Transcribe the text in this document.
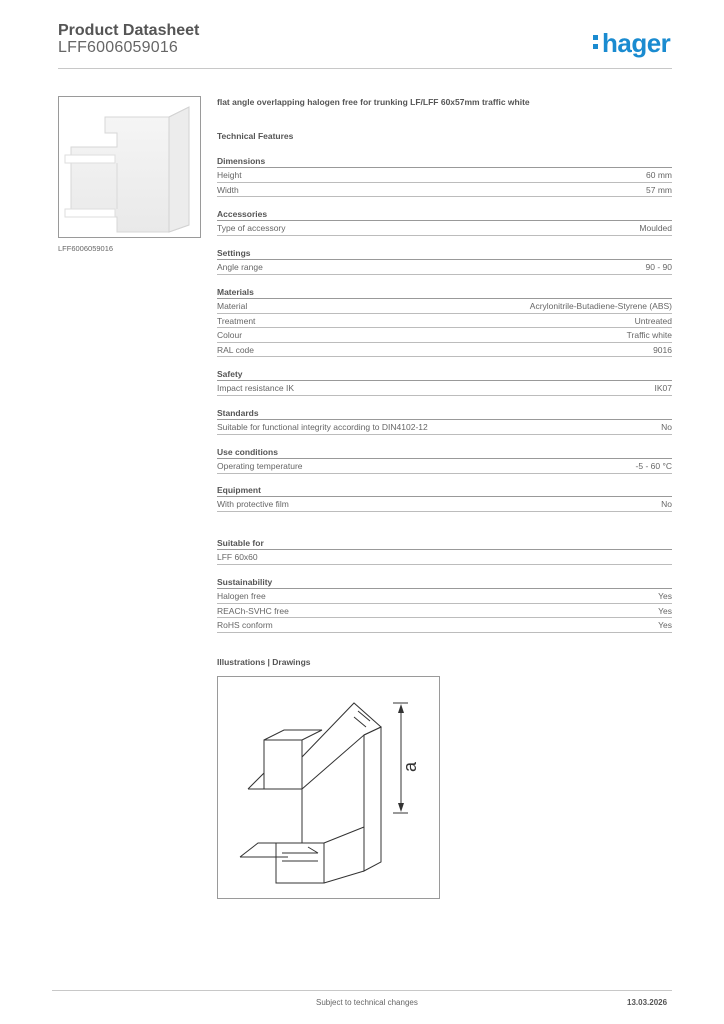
Product Datasheet
LFF6006059016	hager
LFF6006059016
flat angle overlapping halogen free for trunking LF/LFF 60x57mm traffic white
Technical Features
Dimensions
Height	60 mm
Width	57 mm
Accessories
Type of accessory	Moulded
Settings
Angle range	90 - 90
Materials
Material	Acrylonitrile-Butadiene-Styrene (ABS)
Treatment	Untreated
Colour	Traffic white
RAL code	9016
Safety
Impact resistance IK	IK07
Standards
Suitable for functional integrity according to DIN4102-12	No
Use conditions
Operating temperature	-5 - 60 °C
Equipment
With protective film	No
Suitable for
LFF 60x60
Sustainability
Halogen free	Yes
REACh-SVHC free	Yes
RoHS conform	Yes
Illustrations | Drawings
a
Subject to technical changes	13.03.2026
